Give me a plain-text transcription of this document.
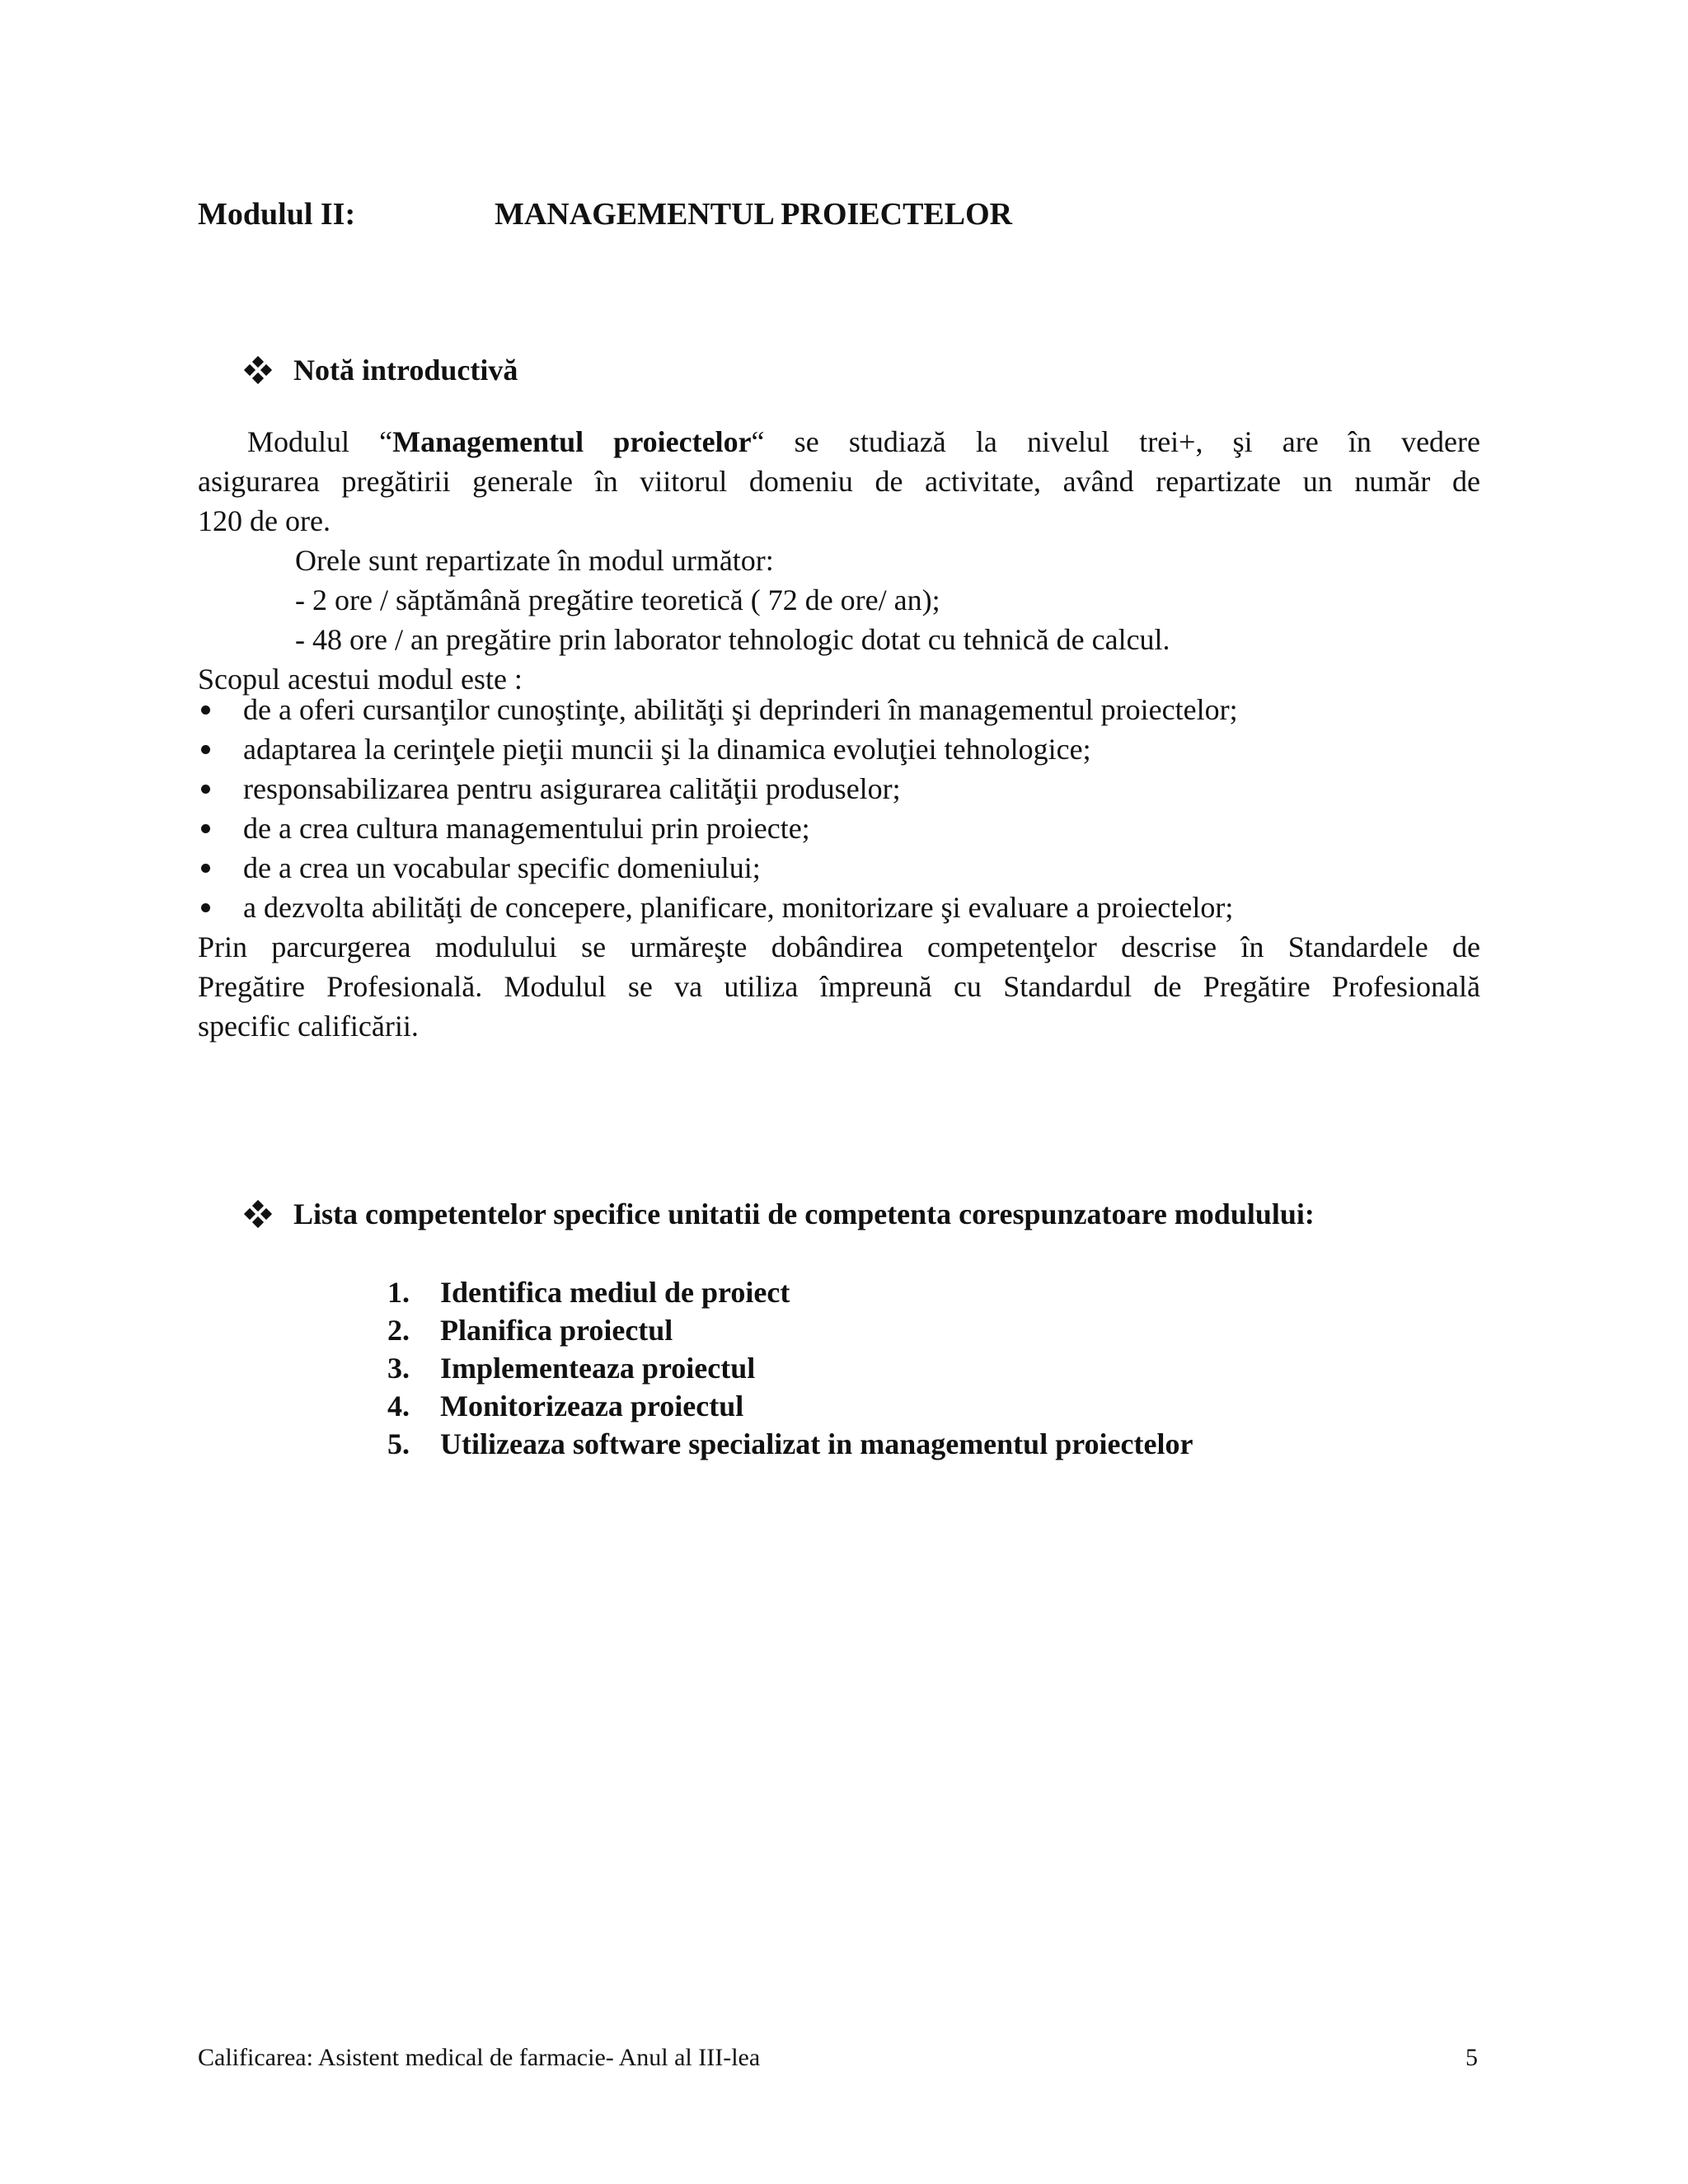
Modulul II:	MANAGEMENTUL PROIECTELOR
Notă introductivă
Modulul “Managementul proiectelor“ se studiază la nivelul trei+, şi are în vedere
asigurarea pregătirii generale în viitorul domeniu de activitate, având repartizate un număr de
120 de ore.
Orele sunt repartizate în modul următor:
- 2 ore / săptămână pregătire teoretică ( 72 de ore/ an);
- 48 ore / an pregătire prin laborator tehnologic dotat cu tehnică de calcul.
Scopul acestui modul este :
de a oferi cursanţilor cunoştinţe, abilităţi şi deprinderi în managementul proiectelor;
adaptarea la cerinţele pieţii muncii şi la dinamica evoluţiei tehnologice;
responsabilizarea pentru asigurarea calităţii produselor;
de a crea cultura managementului prin proiecte;
de a crea un vocabular specific domeniului;
a dezvolta abilităţi de concepere, planificare, monitorizare şi evaluare a proiectelor;
Prin parcurgerea modulului se urmăreşte dobândirea competenţelor descrise în Standardele de
Pregătire Profesională. Modulul se va utiliza împreună cu Standardul de Pregătire Profesională
specific calificării.
Lista competentelor specifice unitatii de competenta corespunzatoare modulului:
1.	Identifica mediul de proiect
2.	Planifica proiectul
3.	Implementeaza proiectul
4.	Monitorizeaza proiectul
5.	Utilizeaza software specializat in managementul proiectelor
Calificarea: Asistent medical de farmacie- Anul al III-lea	5
